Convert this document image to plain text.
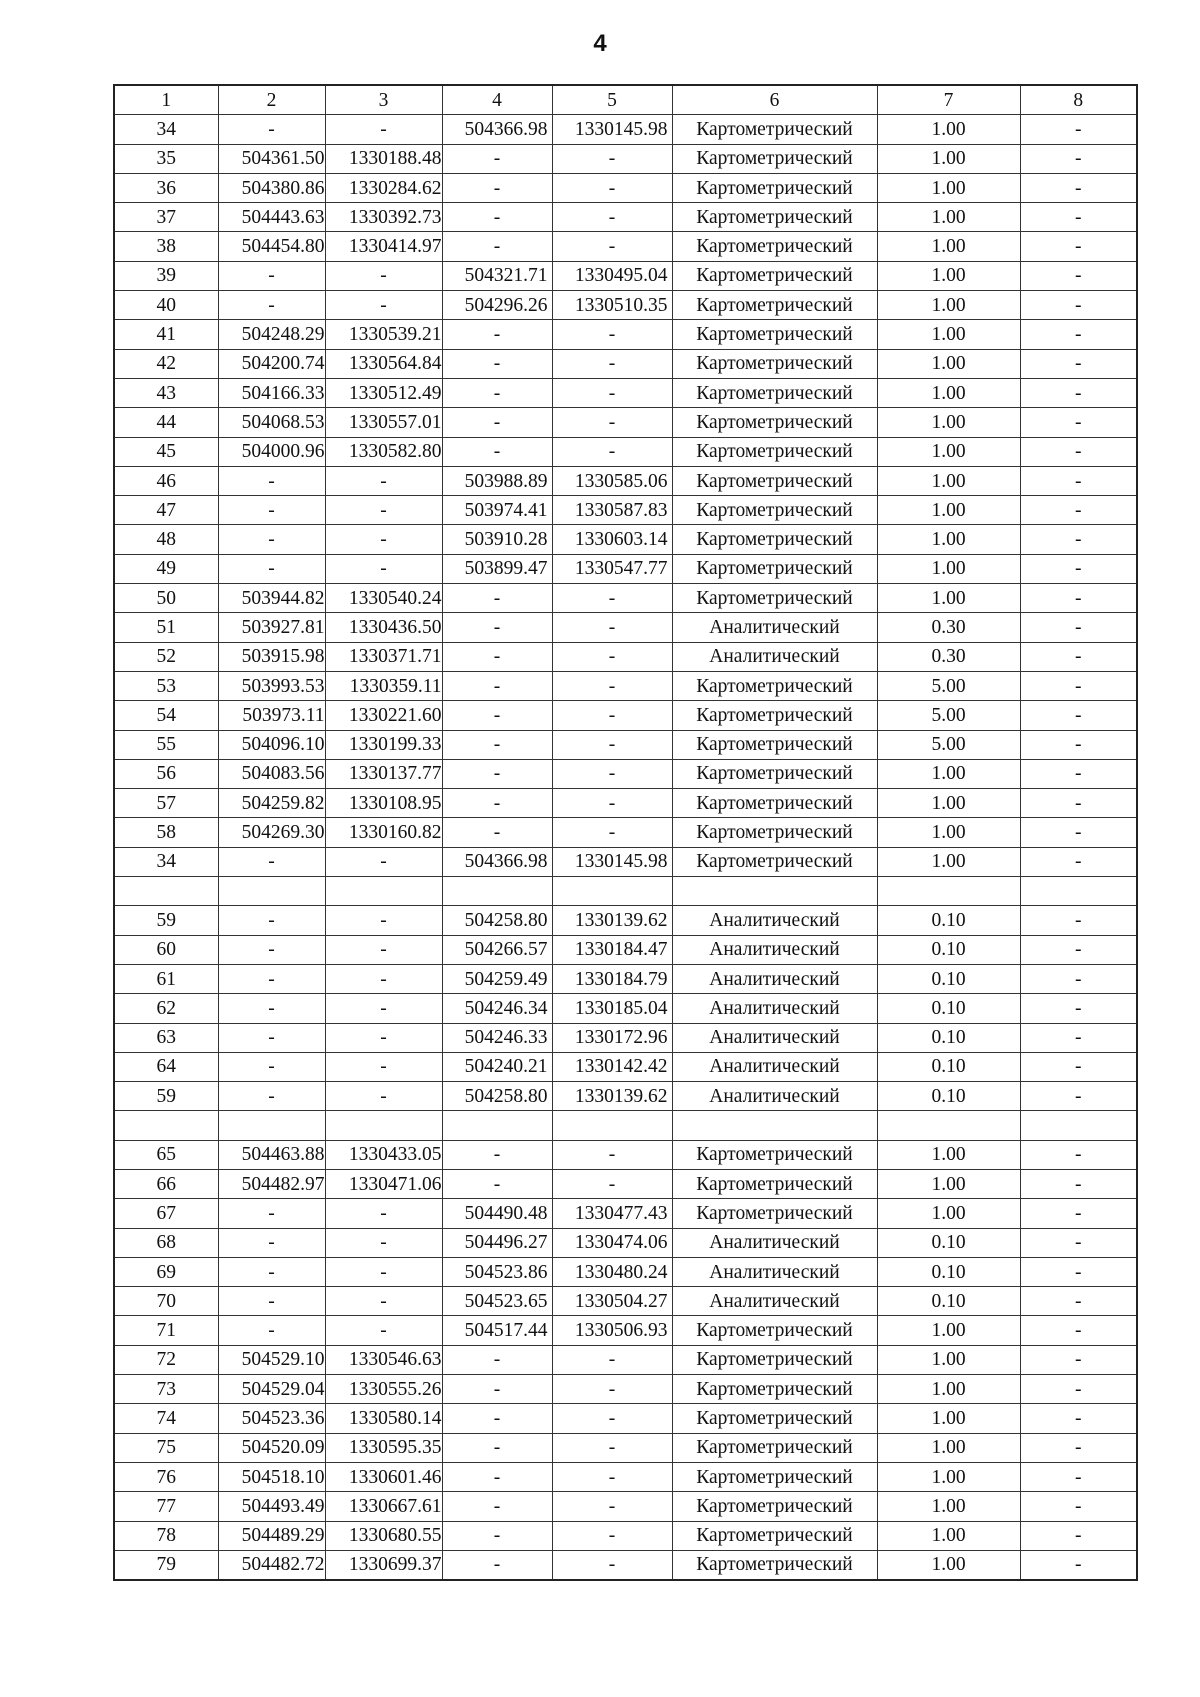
4
1	2	3	4	5	6	7	8
34	-	-	504366.98	1330145.98	Картометрический	1.00	-
35	504361.50	1330188.48	-	-	Картометрический	1.00	-
36	504380.86	1330284.62	-	-	Картометрический	1.00	-
37	504443.63	1330392.73	-	-	Картометрический	1.00	-
38	504454.80	1330414.97	-	-	Картометрический	1.00	-
39	-	-	504321.71	1330495.04	Картометрический	1.00	-
40	-	-	504296.26	1330510.35	Картометрический	1.00	-
41	504248.29	1330539.21	-	-	Картометрический	1.00	-
42	504200.74	1330564.84	-	-	Картометрический	1.00	-
43	504166.33	1330512.49	-	-	Картометрический	1.00	-
44	504068.53	1330557.01	-	-	Картометрический	1.00	-
45	504000.96	1330582.80	-	-	Картометрический	1.00	-
46	-	-	503988.89	1330585.06	Картометрический	1.00	-
47	-	-	503974.41	1330587.83	Картометрический	1.00	-
48	-	-	503910.28	1330603.14	Картометрический	1.00	-
49	-	-	503899.47	1330547.77	Картометрический	1.00	-
50	503944.82	1330540.24	-	-	Картометрический	1.00	-
51	503927.81	1330436.50	-	-	Аналитический	0.30	-
52	503915.98	1330371.71	-	-	Аналитический	0.30	-
53	503993.53	1330359.11	-	-	Картометрический	5.00	-
54	503973.11	1330221.60	-	-	Картометрический	5.00	-
55	504096.10	1330199.33	-	-	Картометрический	5.00	-
56	504083.56	1330137.77	-	-	Картометрический	1.00	-
57	504259.82	1330108.95	-	-	Картометрический	1.00	-
58	504269.30	1330160.82	-	-	Картометрический	1.00	-
34	-	-	504366.98	1330145.98	Картометрический	1.00	-

59	-	-	504258.80	1330139.62	Аналитический	0.10	-
60	-	-	504266.57	1330184.47	Аналитический	0.10	-
61	-	-	504259.49	1330184.79	Аналитический	0.10	-
62	-	-	504246.34	1330185.04	Аналитический	0.10	-
63	-	-	504246.33	1330172.96	Аналитический	0.10	-
64	-	-	504240.21	1330142.42	Аналитический	0.10	-
59	-	-	504258.80	1330139.62	Аналитический	0.10	-

65	504463.88	1330433.05	-	-	Картометрический	1.00	-
66	504482.97	1330471.06	-	-	Картометрический	1.00	-
67	-	-	504490.48	1330477.43	Картометрический	1.00	-
68	-	-	504496.27	1330474.06	Аналитический	0.10	-
69	-	-	504523.86	1330480.24	Аналитический	0.10	-
70	-	-	504523.65	1330504.27	Аналитический	0.10	-
71	-	-	504517.44	1330506.93	Картометрический	1.00	-
72	504529.10	1330546.63	-	-	Картометрический	1.00	-
73	504529.04	1330555.26	-	-	Картометрический	1.00	-
74	504523.36	1330580.14	-	-	Картометрический	1.00	-
75	504520.09	1330595.35	-	-	Картометрический	1.00	-
76	504518.10	1330601.46	-	-	Картометрический	1.00	-
77	504493.49	1330667.61	-	-	Картометрический	1.00	-
78	504489.29	1330680.55	-	-	Картометрический	1.00	-
79	504482.72	1330699.37	-	-	Картометрический	1.00	-
